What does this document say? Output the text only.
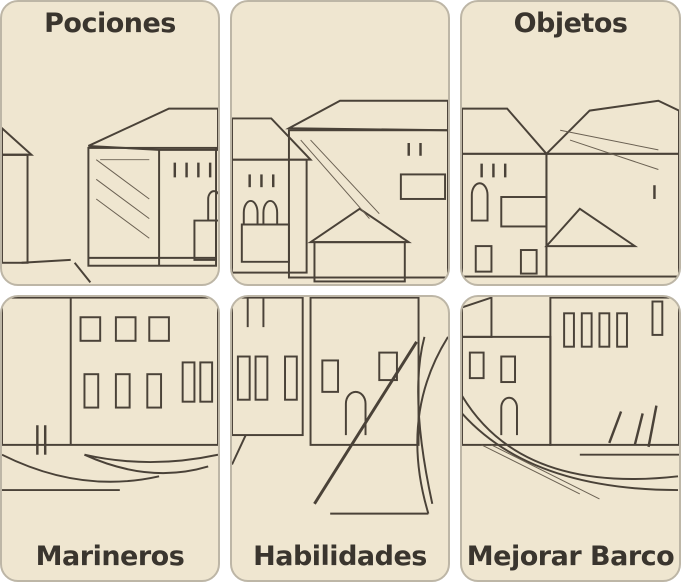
Pociones	Objetos
Marineros	Habilidades	Mejorar Barco
